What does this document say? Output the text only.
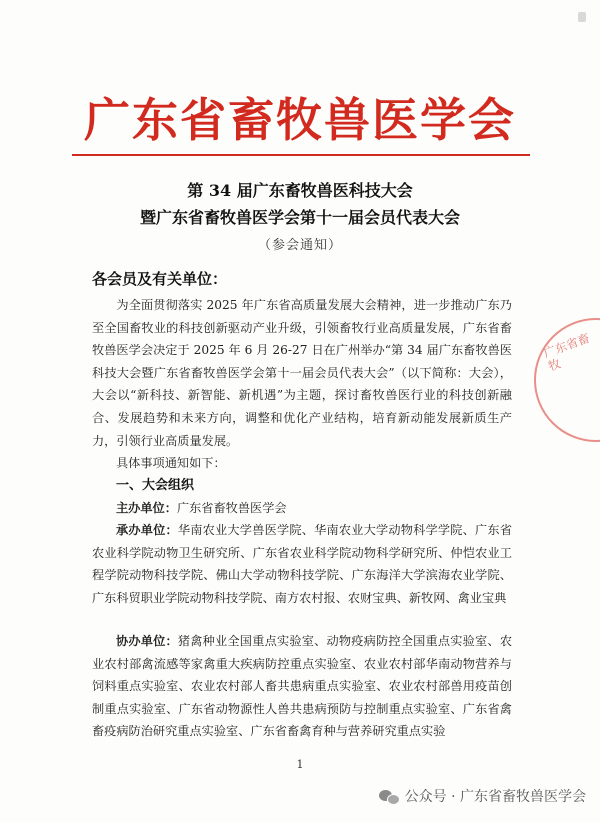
广东省畜牧兽医学会
第 34 届广东畜牧兽医科技大会
暨广东省畜牧兽医学会第十一届会员代表大会
（参会通知）
各会员及有关单位：
为全面贯彻落实 2025 年广东省高质量发展大会精神，进一步推动广东乃至全国畜牧业的科技创新驱动产业升级，引领畜牧行业高质量发展，广东省畜牧兽医学会决定于 2025 年 6 月 26-27 日在广州举办“第 34 届广东畜牧兽医科技大会暨广东省畜牧兽医学会第十一届会员代表大会”（以下简称：大会），大会以“新科技、新智能、新机遇”为主题，探讨畜牧兽医行业的科技创新融合、发展趋势和未来方向，调整和优化产业结构，培育新动能发展新质生产力，引领行业高质量发展。
具体事项通知如下：
一、大会组织
主办单位：广东省畜牧兽医学会
承办单位：华南农业大学兽医学院、华南农业大学动物科学学院、广东省农业科学院动物卫生研究所、广东省农业科学院动物科学研究所、仲恺农业工程学院动物科技学院、佛山大学动物科技学院、广东海洋大学滨海农业学院、广东科贸职业学院动物科技学院、南方农村报、农财宝典、新牧网、禽业宝典
协办单位：猪禽种业全国重点实验室、动物疫病防控全国重点实验室、农业农村部禽流感等家禽重大疾病防控重点实验室、农业农村部华南动物营养与饲料重点实验室、农业农村部人畜共患病重点实验室、农业农村部兽用疫苗创制重点实验室、广东省动物源性人兽共患病预防与控制重点实验室、广东省禽畜疫病防治研究重点实验室、广东省畜禽育种与营养研究重点实验
广东省畜牧
1
公众号 · 广东省畜牧兽医学会
